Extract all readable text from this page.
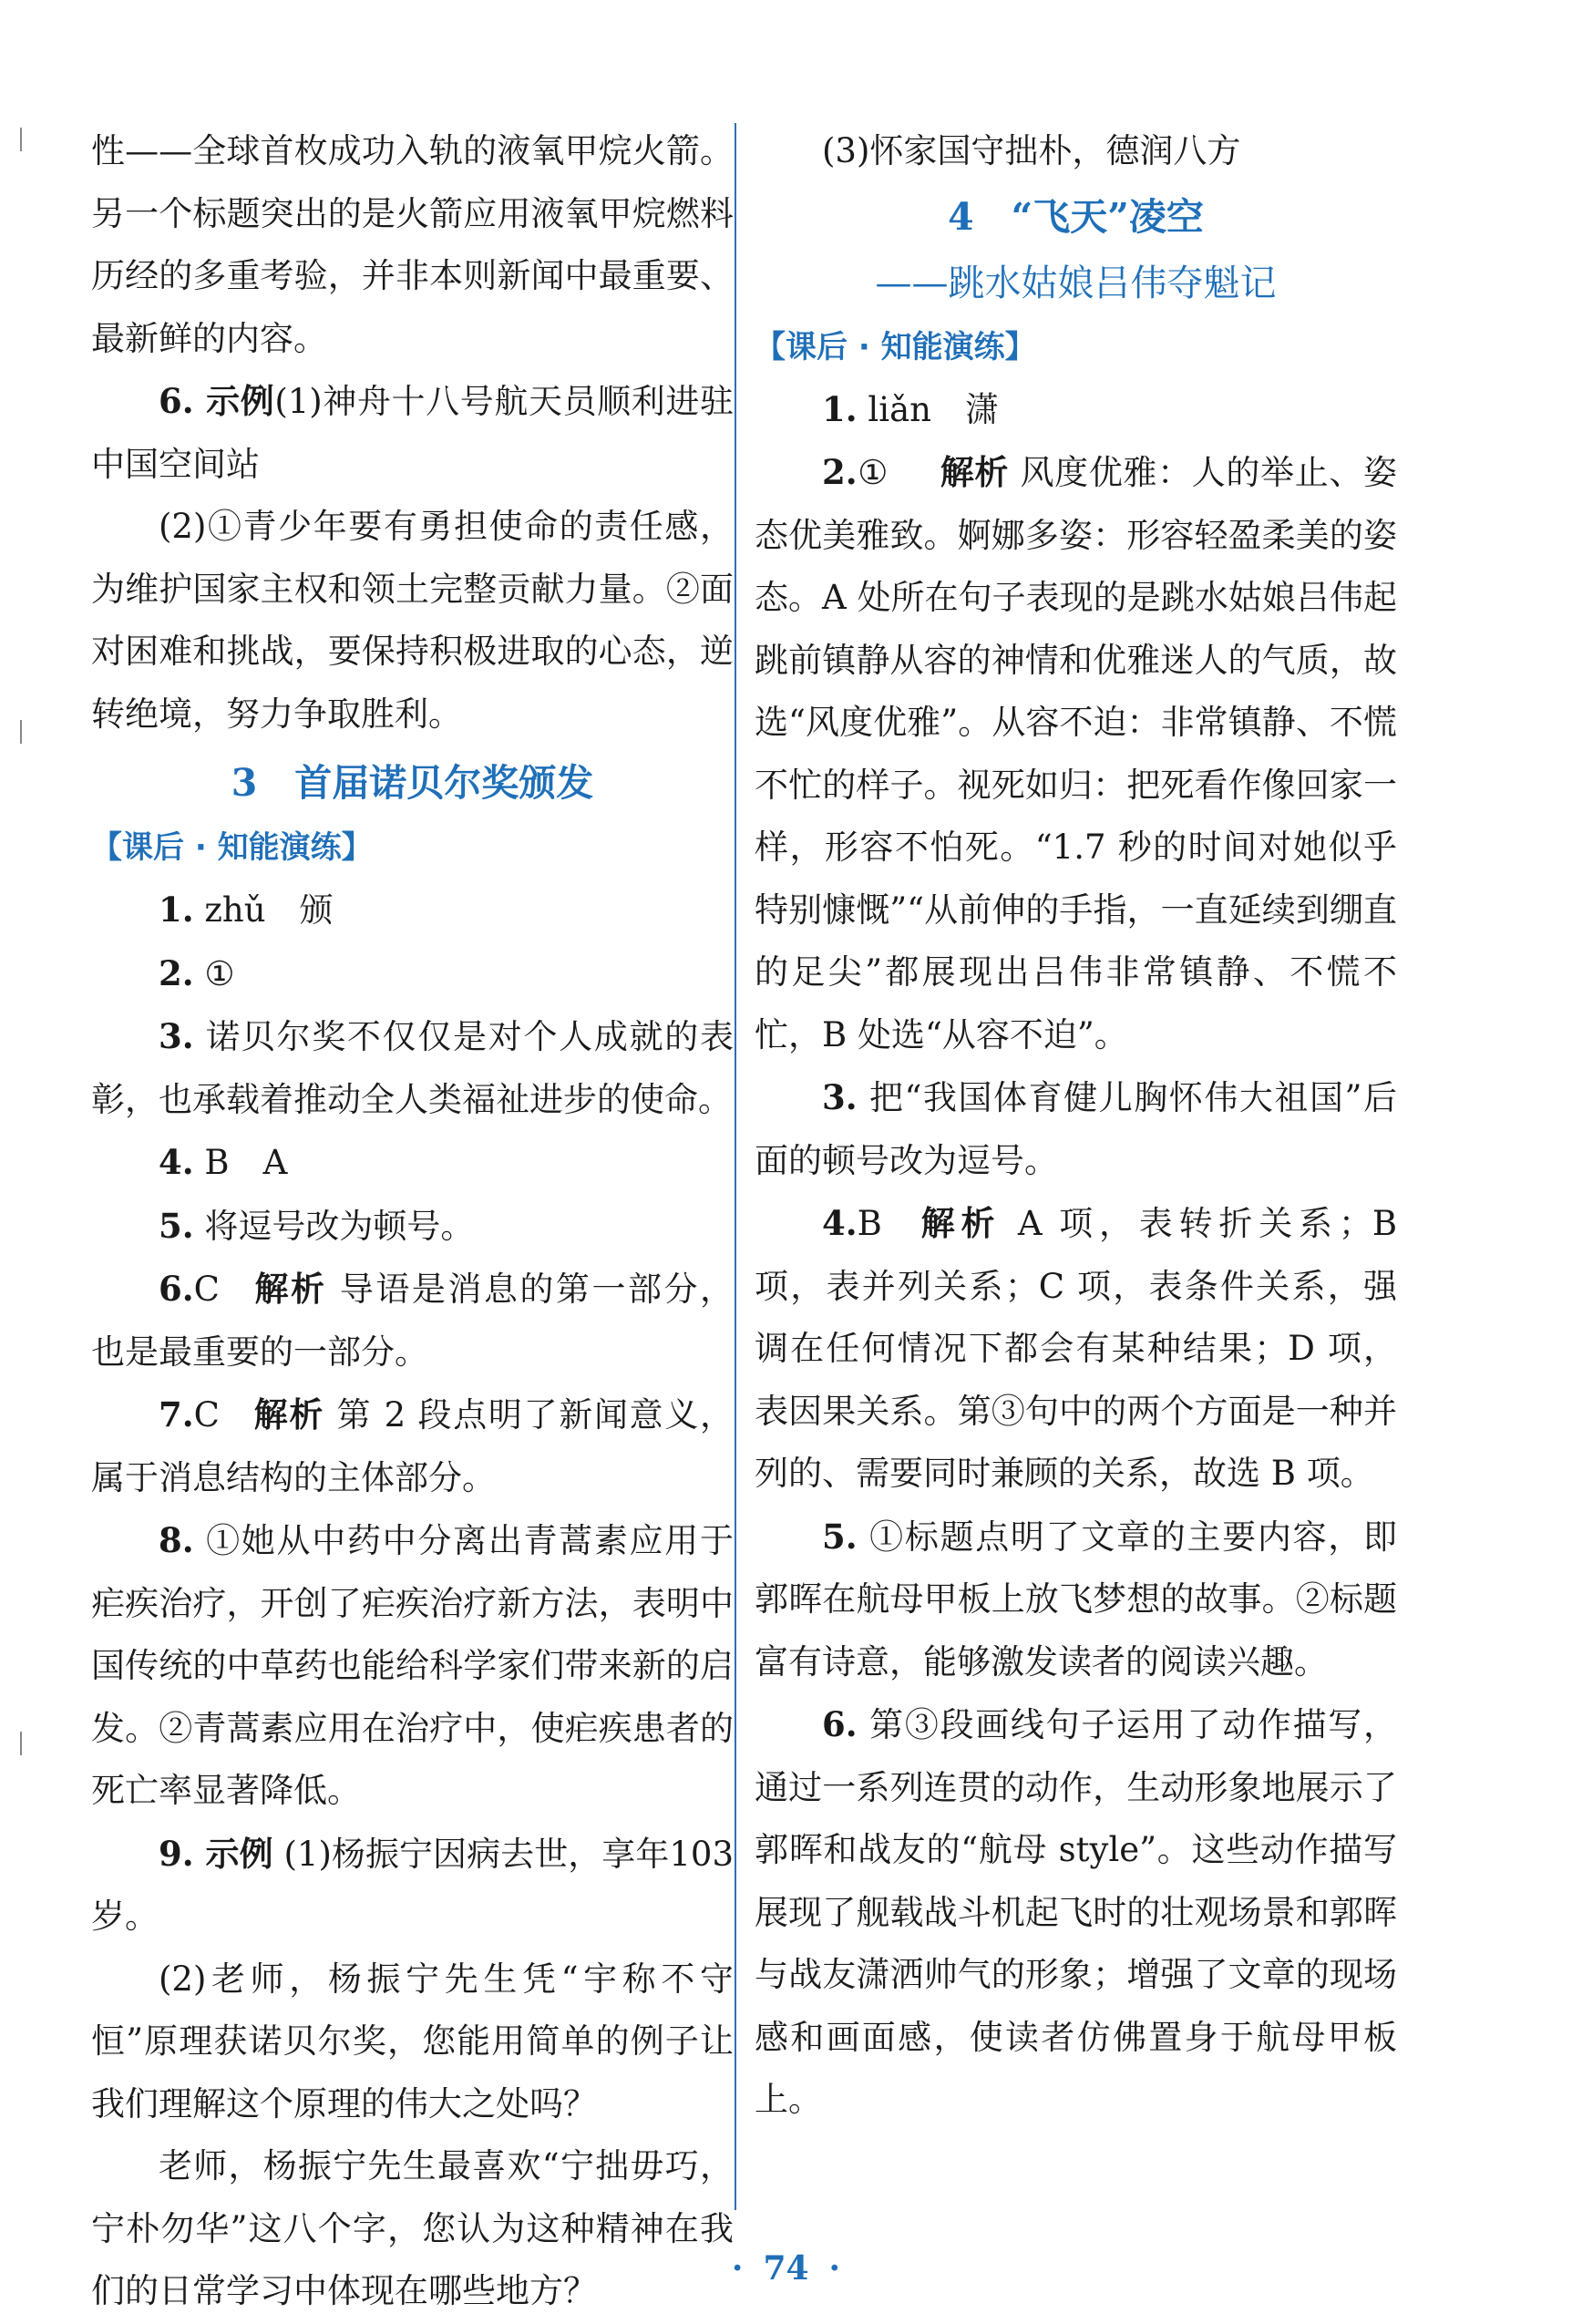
性——全球首枚成功入轨的液氧甲烷火箭。另一个标题突出的是火箭应用液氧甲烷燃料历经的多重考验，并非本则新闻中最重要、最新鲜的内容。

6. 示例(1)神舟十八号航天员顺利进驻中国空间站

(2)①青少年要有勇担使命的责任感，为维护国家主权和领土完整贡献力量。②面对困难和挑战，要保持积极进取的心态，逆转绝境，努力争取胜利。

3　首届诺贝尔奖颁发

【课后 · 知能演练】

1. zhǔ　颁

2. ①

3. 诺贝尔奖不仅仅是对个人成就的表彰，也承载着推动全人类福祉进步的使命。

4. B　A

5. 将逗号改为顿号。

6.C 解析 导语是消息的第一部分，也是最重要的一部分。

7.C 解析 第 2 段点明了新闻意义，属于消息结构的主体部分。

8. ①她从中药中分离出青蒿素应用于疟疾治疗，开创了疟疾治疗新方法，表明中国传统的中草药也能给科学家们带来新的启发。②青蒿素应用在治疗中，使疟疾患者的死亡率显著降低。

9. 示例 (1)杨振宁因病去世，享年103 岁。

(2)老师，杨振宁先生凭“宇称不守恒”原理获诺贝尔奖，您能用简单的例子让我们理解这个原理的伟大之处吗？

老师，杨振宁先生最喜欢“宁拙毋巧，宁朴勿华”这八个字，您认为这种精神在我们的日常学习中体现在哪些地方？

(3)怀家国守拙朴，德润八方

4　“飞天”凌空

——跳水姑娘吕伟夺魁记

【课后 · 知能演练】

1. liǎn　潇

2.① 解析 风度优雅：人的举止、姿态优美雅致。婀娜多姿：形容轻盈柔美的姿态。A 处所在句子表现的是跳水姑娘吕伟起跳前镇静从容的神情和优雅迷人的气质，故选“风度优雅”。从容不迫：非常镇静、不慌不忙的样子。视死如归：把死看作像回家一样，形容不怕死。“1.7 秒的时间对她似乎特别慷慨”“从前伸的手指，一直延续到绷直的足尖”都展现出吕伟非常镇静、不慌不忙，B 处选“从容不迫”。

3. 把“我国体育健儿胸怀伟大祖国”后面的顿号改为逗号。

4.B 解析 A 项，表转折关系；B 项，表并列关系；C 项，表条件关系，强调在任何情况下都会有某种结果；D 项，表因果关系。第③句中的两个方面是一种并列的、需要同时兼顾的关系，故选 B 项。

5. ①标题点明了文章的主要内容，即郭晖在航母甲板上放飞梦想的故事。②标题富有诗意，能够激发读者的阅读兴趣。

6. 第③段画线句子运用了动作描写，通过一系列连贯的动作，生动形象地展示了郭晖和战友的“航母 style”。这些动作描写展现了舰载战斗机起飞时的壮观场景和郭晖与战友潇洒帅气的形象；增强了文章的现场感和画面感，使读者仿佛置身于航母甲板上。

· 74 ·
